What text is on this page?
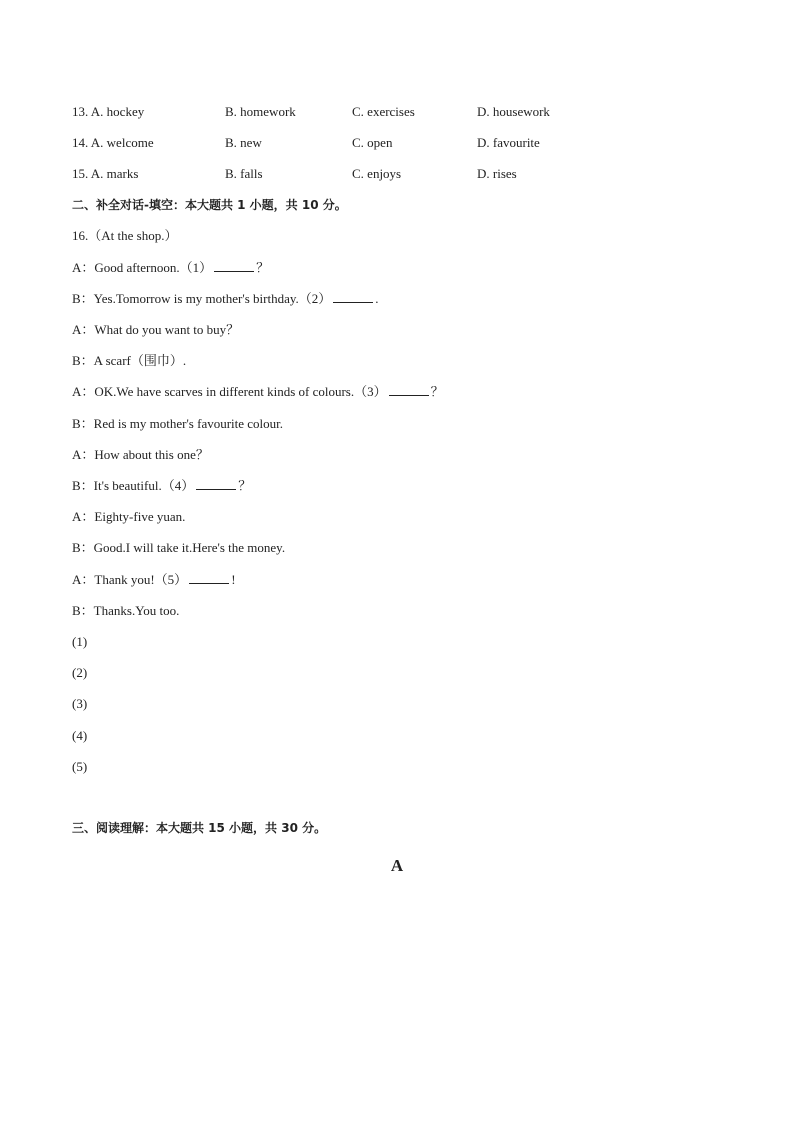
13. A. hockey	B. homework	C. exercises	D. housework
14. A. welcome	B. new	C. open	D. favourite
15. A. marks	B. falls	C. enjoys	D. rises
二、补全对话-填空：本大题共 1 小题，共 10 分。
16.（At the shop.）
A：Good afternoon.（1）	？
B：Yes.Tomorrow is my mother's birthday.（2）	.
A：What do you want to buy？
B：A scarf（围巾）.
A：OK.We have scarves in different kinds of colours.（3）	？
B：Red is my mother's favourite colour.
A：How about this one？
B：It's beautiful.（4）	？
A：Eighty-five yuan.
B：Good.I will take it.Here's the money.
A：Thank you!（5）	!
B：Thanks.You too.
(1)
(2)
(3)
(4)
(5)
三、阅读理解：本大题共 15 小题，共 30 分。
A
